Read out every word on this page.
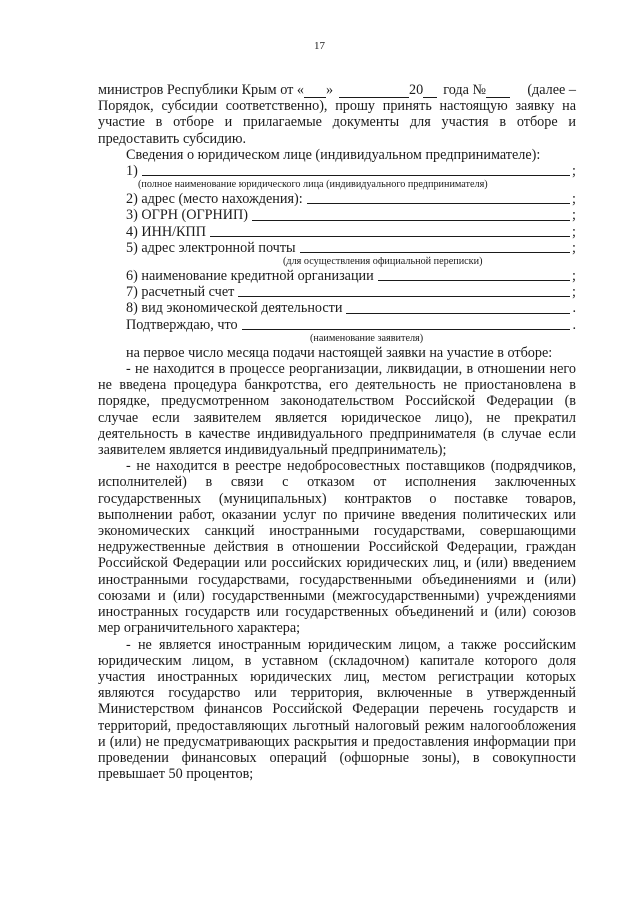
17
министров Республики Крым от « »	20 года №	(далее –

Порядок, субсидии соответственно), прошу принять настоящую заявку на участие в отборе и прилагаемые документы для участия в отборе и предоставить субсидию.

Сведения о юридическом лице (индивидуальном предпринимателе):

1)	;

(полное наименование юридического лица (индивидуального предпринимателя)

2) адрес (место нахождения):	;
3) ОГРН (ОГРНИП)	;
4) ИНН/КПП	;
5) адрес электронной почты	;

(для осуществления официальной переписки)

6) наименование кредитной организации	;
7) расчетный счет	;
8) вид экономической деятельности	.
Подтверждаю, что	.

(наименование заявителя)

на первое число месяца подачи настоящей заявки на участие в отборе:

- не находится в процессе реорганизации, ликвидации, в отношении него не введена процедура банкротства, его деятельность не приостановлена в порядке, предусмотренном законодательством Российской Федерации (в случае если заявителем является юридическое лицо), не прекратил деятельность в качестве индивидуального предпринимателя (в случае если заявителем является индивидуальный предприниматель);

- не находится в реестре недобросовестных поставщиков (подрядчиков, исполнителей) в связи с отказом от исполнения заключенных государственных (муниципальных) контрактов о поставке товаров, выполнении работ, оказании услуг по причине введения политических или экономических санкций иностранными государствами, совершающими недружественные действия в отношении Российской Федерации, граждан Российской Федерации или российских юридических лиц, и (или) введением иностранными государствами, государственными объединениями и (или) союзами и (или) государственными (межгосударственными) учреждениями иностранных государств или государственных объединений и (или) союзов мер ограничительного характера;

- не является иностранным юридическим лицом, а также российским юридическим лицом, в уставном (складочном) капитале которого доля участия иностранных юридических лиц, местом регистрации которых являются государство или территория, включенные в утвержденный Министерством финансов Российской Федерации перечень государств и территорий, предоставляющих льготный налоговый режим налогообложения и (или) не предусматривающих раскрытия и предоставления информации при проведении финансовых операций (офшорные зоны), в совокупности превышает 50 процентов;
